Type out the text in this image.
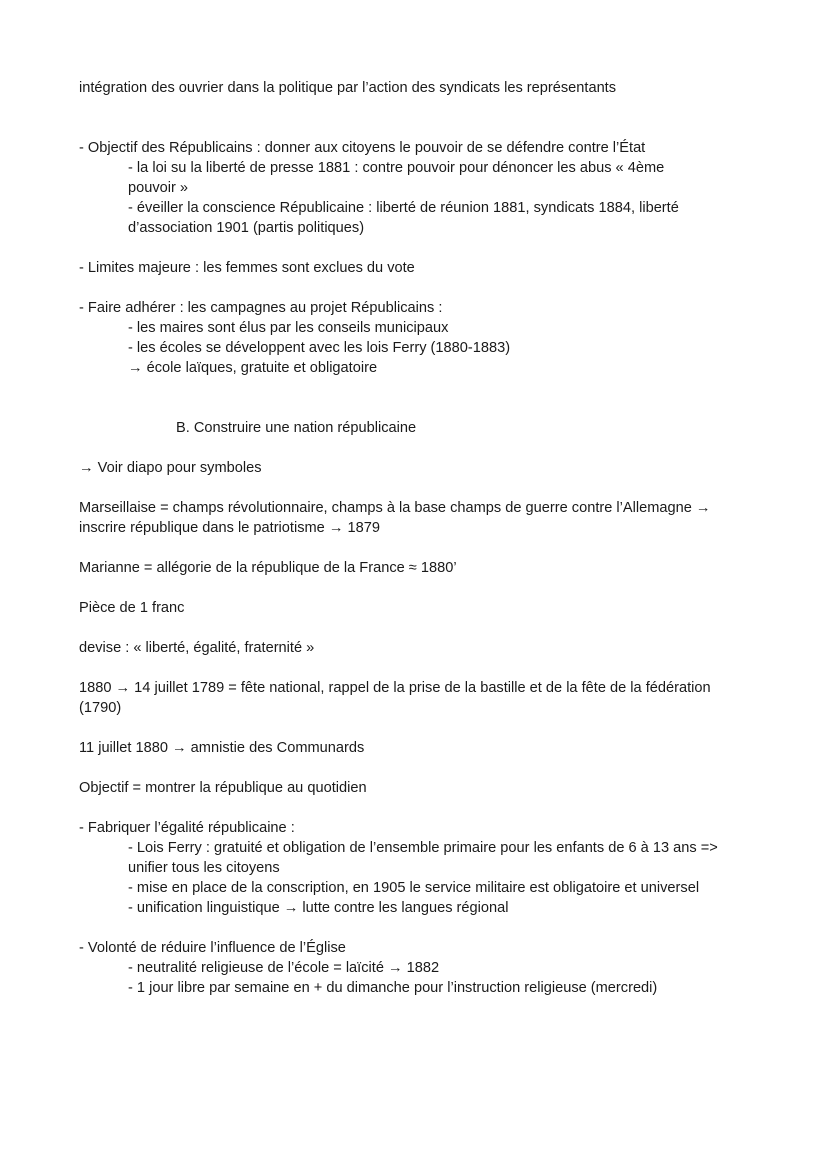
intégration des ouvrier dans la politique par l’action des syndicats les représentants

- Objectif des Républicains : donner aux citoyens le pouvoir de se défendre contre l’État

- la loi su la liberté de presse 1881 : contre pouvoir pour dénoncer les abus « 4ème pouvoir »

- éveiller la conscience Républicaine : liberté de réunion 1881, syndicats 1884, liberté d’association 1901 (partis politiques)

- Limites majeure : les femmes sont exclues du vote

- Faire adhérer : les campagnes au projet Républicains :

- les maires sont élus par les conseils municipaux

- les écoles se développent avec les lois Ferry (1880-1883)

→ école laïques, gratuite et obligatoire

B. Construire une nation républicaine

→ Voir diapo pour symboles

Marseillaise = champs révolutionnaire, champs à la base champs de guerre contre l’Allemagne → inscrire république dans le patriotisme → 1879

Marianne = allégorie de la république de la France ≈ 1880’

Pièce de 1 franc

devise : « liberté, égalité, fraternité »

1880 → 14 juillet 1789 = fête national, rappel de la prise de la bastille et de la fête de la fédération (1790)

11 juillet 1880 → amnistie des Communards

Objectif = montrer la république au quotidien

- Fabriquer l’égalité républicaine :

- Lois Ferry : gratuité et obligation de l’ensemble primaire pour les enfants de 6 à 13 ans => unifier tous les citoyens

- mise en place de la conscription, en 1905 le service militaire est obligatoire et universel

- unification linguistique → lutte contre les langues régional

- Volonté de réduire l’influence de l’Église

- neutralité religieuse de l’école = laïcité → 1882

- 1 jour libre par semaine en + du dimanche pour l’instruction religieuse (mercredi)
